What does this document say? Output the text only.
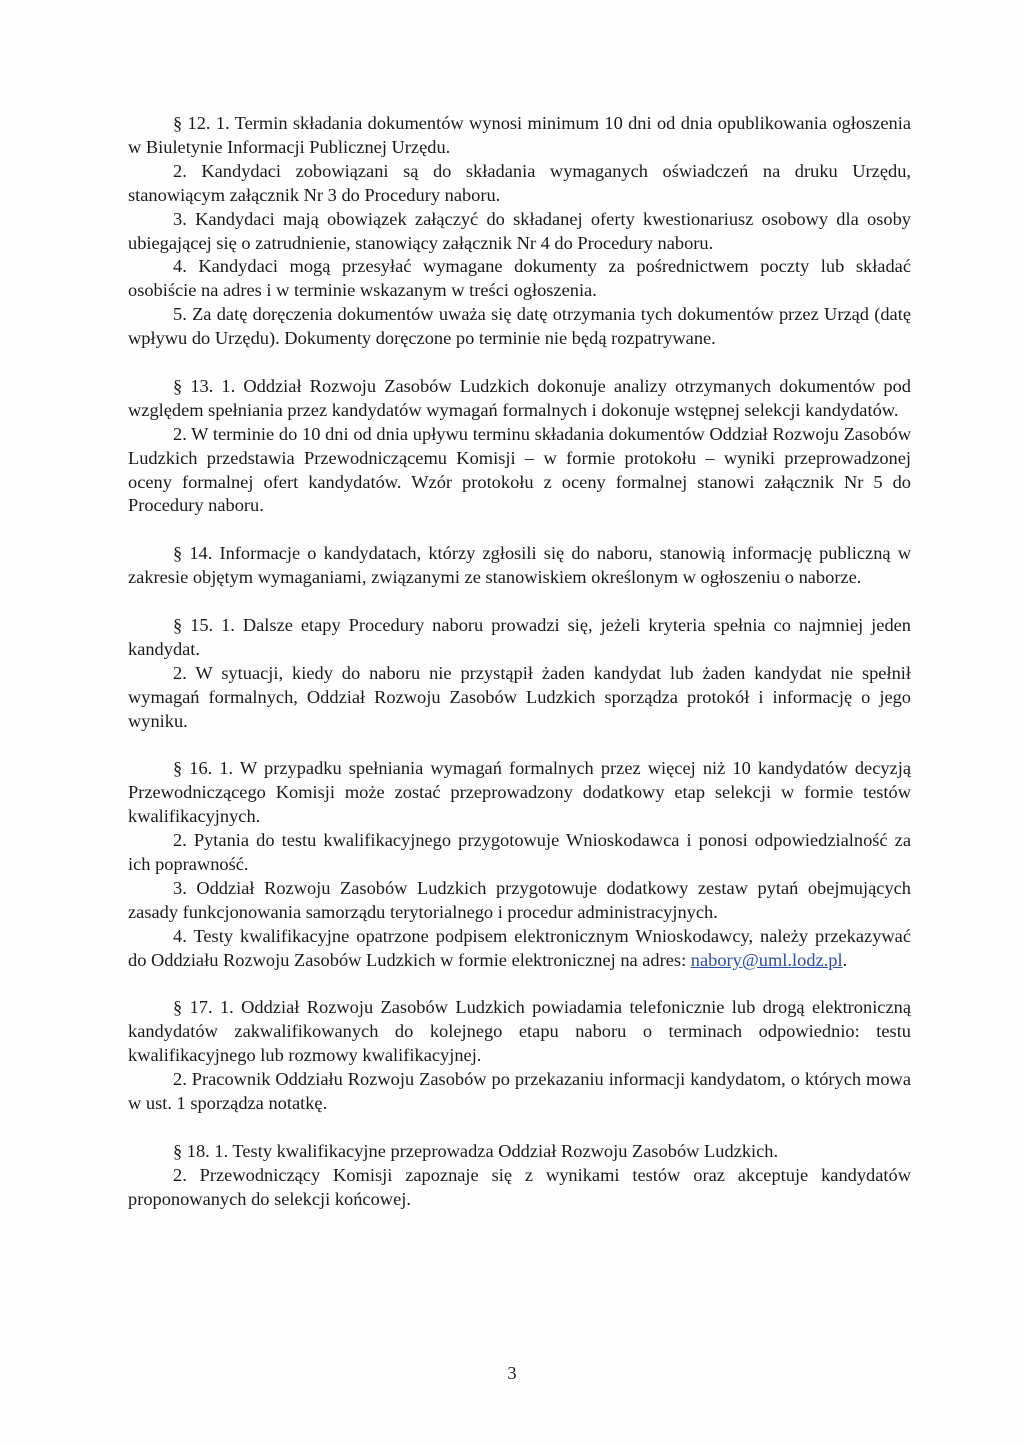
§ 12. 1. Termin składania dokumentów wynosi minimum 10 dni od dnia opublikowania ogłoszenia w Biuletynie Informacji Publicznej Urzędu.

2. Kandydaci zobowiązani są do składania wymaganych oświadczeń na druku Urzędu, stanowiącym załącznik Nr 3 do Procedury naboru.

3. Kandydaci mają obowiązek załączyć do składanej oferty kwestionariusz osobowy dla osoby ubiegającej się o zatrudnienie, stanowiący załącznik Nr 4 do Procedury naboru.

4. Kandydaci mogą przesyłać wymagane dokumenty za pośrednictwem poczty lub składać osobiście na adres i w terminie wskazanym w treści ogłoszenia.

5. Za datę doręczenia dokumentów uważa się datę otrzymania tych dokumentów przez Urząd (datę wpływu do Urzędu). Dokumenty doręczone po terminie nie będą rozpatrywane.

§ 13. 1. Oddział Rozwoju Zasobów Ludzkich dokonuje analizy otrzymanych dokumentów pod względem spełniania przez kandydatów wymagań formalnych i dokonuje wstępnej selekcji kandydatów.

2. W terminie do 10 dni od dnia upływu terminu składania dokumentów Oddział Rozwoju Zasobów Ludzkich przedstawia Przewodniczącemu Komisji – w formie protokołu – wyniki przeprowadzonej oceny formalnej ofert kandydatów. Wzór protokołu z oceny formalnej stanowi załącznik Nr 5 do Procedury naboru.

§ 14. Informacje o kandydatach, którzy zgłosili się do naboru, stanowią informację publiczną w zakresie objętym wymaganiami, związanymi ze stanowiskiem określonym w ogłoszeniu o naborze.

§ 15. 1. Dalsze etapy Procedury naboru prowadzi się, jeżeli kryteria spełnia co najmniej jeden kandydat.

2. W sytuacji, kiedy do naboru nie przystąpił żaden kandydat lub żaden kandydat nie spełnił wymagań formalnych, Oddział Rozwoju Zasobów Ludzkich sporządza protokół i informację o jego wyniku.

§ 16. 1. W przypadku spełniania wymagań formalnych przez więcej niż 10 kandydatów decyzją Przewodniczącego Komisji może zostać przeprowadzony dodatkowy etap selekcji w formie testów kwalifikacyjnych.

2. Pytania do testu kwalifikacyjnego przygotowuje Wnioskodawca i ponosi odpowiedzialność za ich poprawność.

3. Oddział Rozwoju Zasobów Ludzkich przygotowuje dodatkowy zestaw pytań obejmujących zasady funkcjonowania samorządu terytorialnego i procedur administracyjnych.

4. Testy kwalifikacyjne opatrzone podpisem elektronicznym Wnioskodawcy, należy przekazywać do Oddziału Rozwoju Zasobów Ludzkich w formie elektronicznej na adres: nabory@uml.lodz.pl.

§ 17. 1. Oddział Rozwoju Zasobów Ludzkich powiadamia telefonicznie lub drogą elektroniczną kandydatów zakwalifikowanych do kolejnego etapu naboru o terminach odpowiednio: testu kwalifikacyjnego lub rozmowy kwalifikacyjnej.

2. Pracownik Oddziału Rozwoju Zasobów po przekazaniu informacji kandydatom, o których mowa w ust. 1 sporządza notatkę.

§ 18. 1. Testy kwalifikacyjne przeprowadza Oddział Rozwoju Zasobów Ludzkich.

2. Przewodniczący Komisji zapoznaje się z wynikami testów oraz akceptuje kandydatów proponowanych do selekcji końcowej.

3
